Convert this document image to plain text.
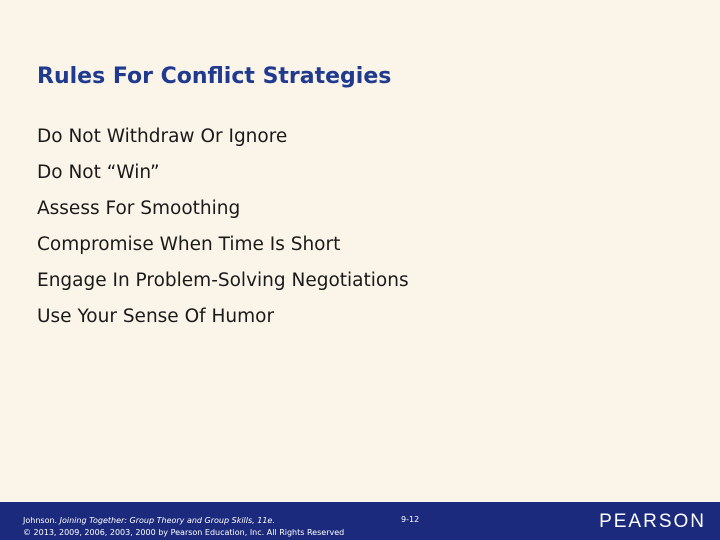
Rules For Conflict Strategies
Do Not Withdraw Or Ignore
Do Not “Win”
Assess For Smoothing
Compromise When Time Is Short
Engage In Problem-Solving Negotiations
Use Your Sense Of Humor
Johnson. Joining Together: Group Theory and Group Skills, 11e.
© 2013, 2009, 2006, 2003, 2000 by Pearson Education, Inc. All Rights Reserved
9-12	PEARSON
